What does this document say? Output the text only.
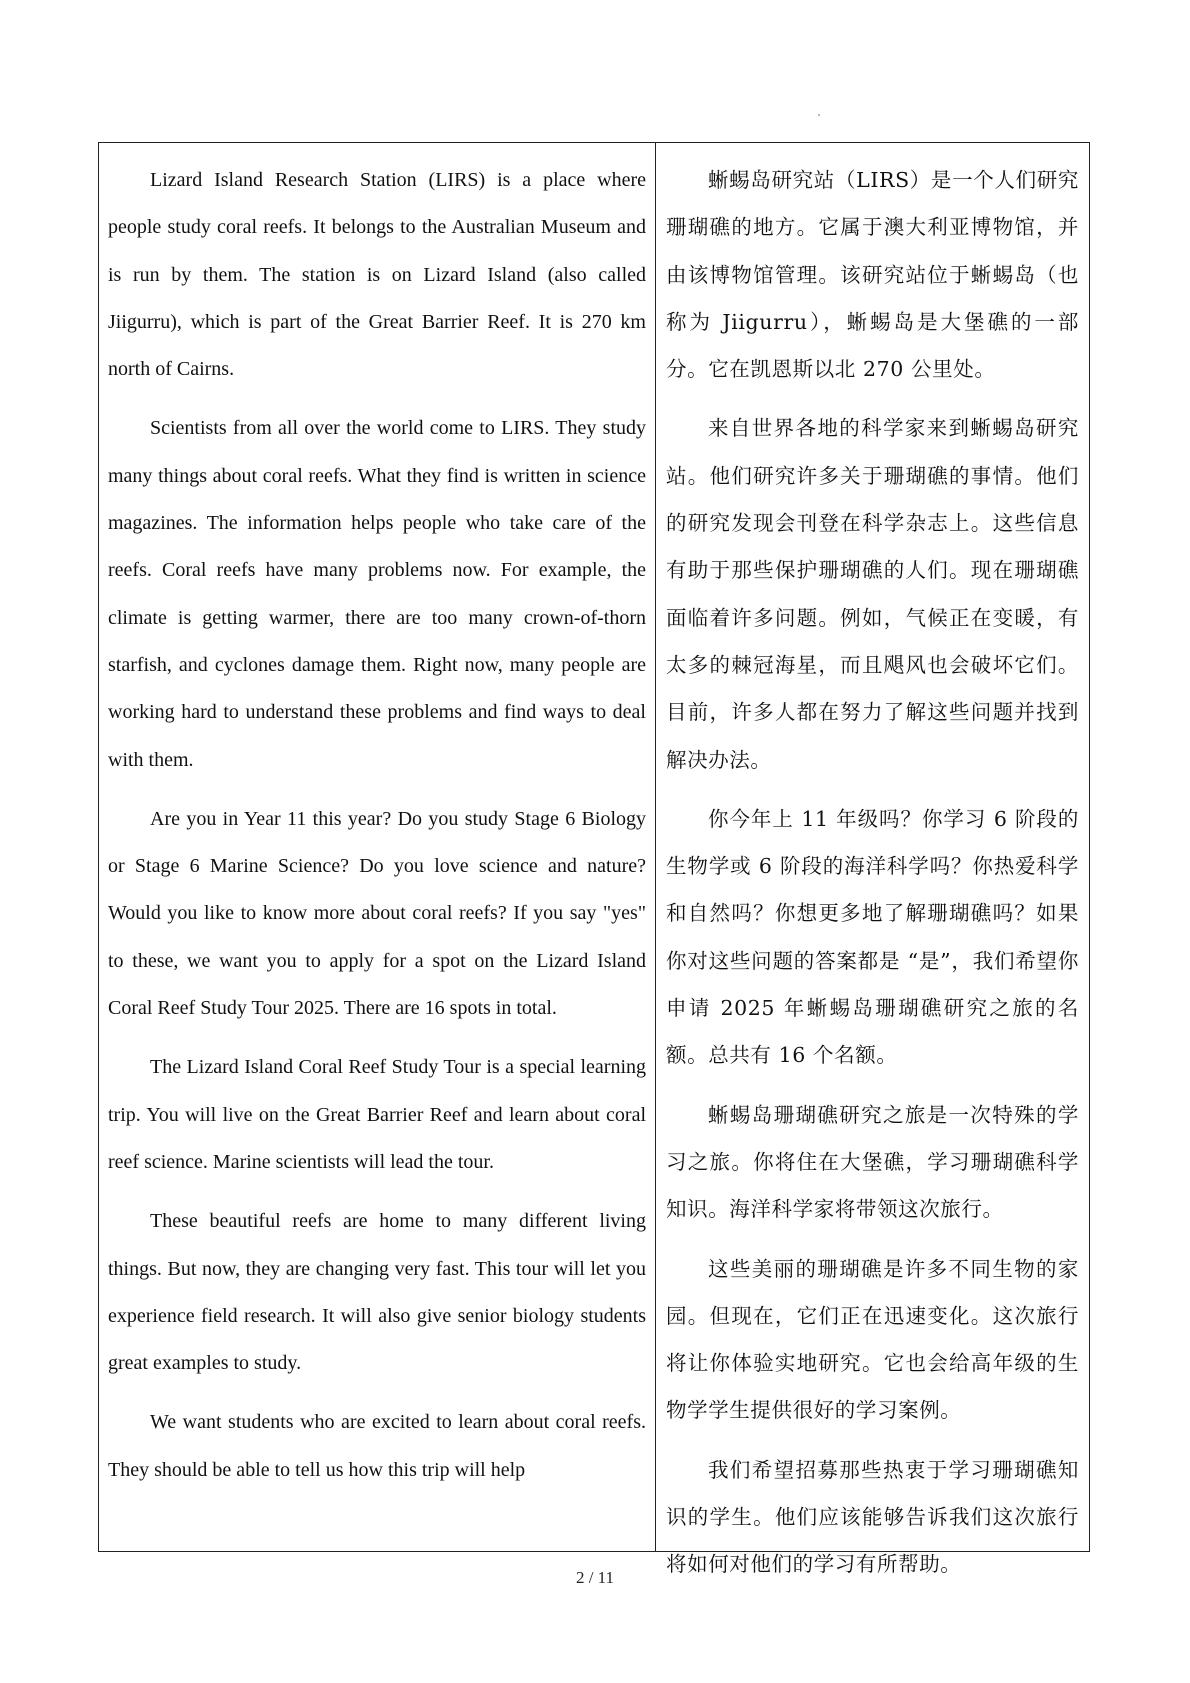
'

Lizard Island Research Station (LIRS) is a place where people study coral reefs. It belongs to the Australian Museum and is run by them. The station is on Lizard Island (also called Jiigurru), which is part of the Great Barrier Reef. It is 270 km north of Cairns.

Scientists from all over the world come to LIRS. They study many things about coral reefs. What they find is written in science magazines. The information helps people who take care of the reefs. Coral reefs have many problems now. For example, the climate is getting warmer, there are too many crown-of-thorn starfish, and cyclones damage them. Right now, many people are working hard to understand these problems and find ways to deal with them.

Are you in Year 11 this year? Do you study Stage 6 Biology or Stage 6 Marine Science? Do you love science and nature? Would you like to know more about coral reefs? If you say "yes" to these, we want you to apply for a spot on the Lizard Island Coral Reef Study Tour 2025. There are 16 spots in total.

The Lizard Island Coral Reef Study Tour is a special learning trip. You will live on the Great Barrier Reef and learn about coral reef science. Marine scientists will lead the tour.

These beautiful reefs are home to many different living things. But now, they are changing very fast. This tour will let you experience field research. It will also give senior biology students great examples to study.

We want students who are excited to learn about coral reefs. They should be able to tell us how this trip will help

蜥蜴岛研究站（LIRS）是一个人们研究珊瑚礁的地方。它属于澳大利亚博物馆，并由该博物馆管理。该研究站位于蜥蜴岛（也称为 Jiigurru），蜥蜴岛是大堡礁的一部分。它在凯恩斯以北 270 公里处。

来自世界各地的科学家来到蜥蜴岛研究站。他们研究许多关于珊瑚礁的事情。他们的研究发现会刊登在科学杂志上。这些信息有助于那些保护珊瑚礁的人们。现在珊瑚礁面临着许多问题。例如，气候正在变暖，有太多的棘冠海星，而且飓风也会破坏它们。目前，许多人都在努力了解这些问题并找到解决办法。

你今年上 11 年级吗？你学习 6 阶段的生物学或 6 阶段的海洋科学吗？你热爱科学和自然吗？你想更多地了解珊瑚礁吗？如果你对这些问题的答案都是 “是”，我们希望你申请 2025 年蜥蜴岛珊瑚礁研究之旅的名额。总共有 16 个名额。

蜥蜴岛珊瑚礁研究之旅是一次特殊的学习之旅。你将住在大堡礁，学习珊瑚礁科学知识。海洋科学家将带领这次旅行。

这些美丽的珊瑚礁是许多不同生物的家园。但现在，它们正在迅速变化。这次旅行将让你体验实地研究。它也会给高年级的生物学学生提供很好的学习案例。

我们希望招募那些热衷于学习珊瑚礁知识的学生。他们应该能够告诉我们这次旅行将如何对他们的学习有所帮助。

2 / 11
